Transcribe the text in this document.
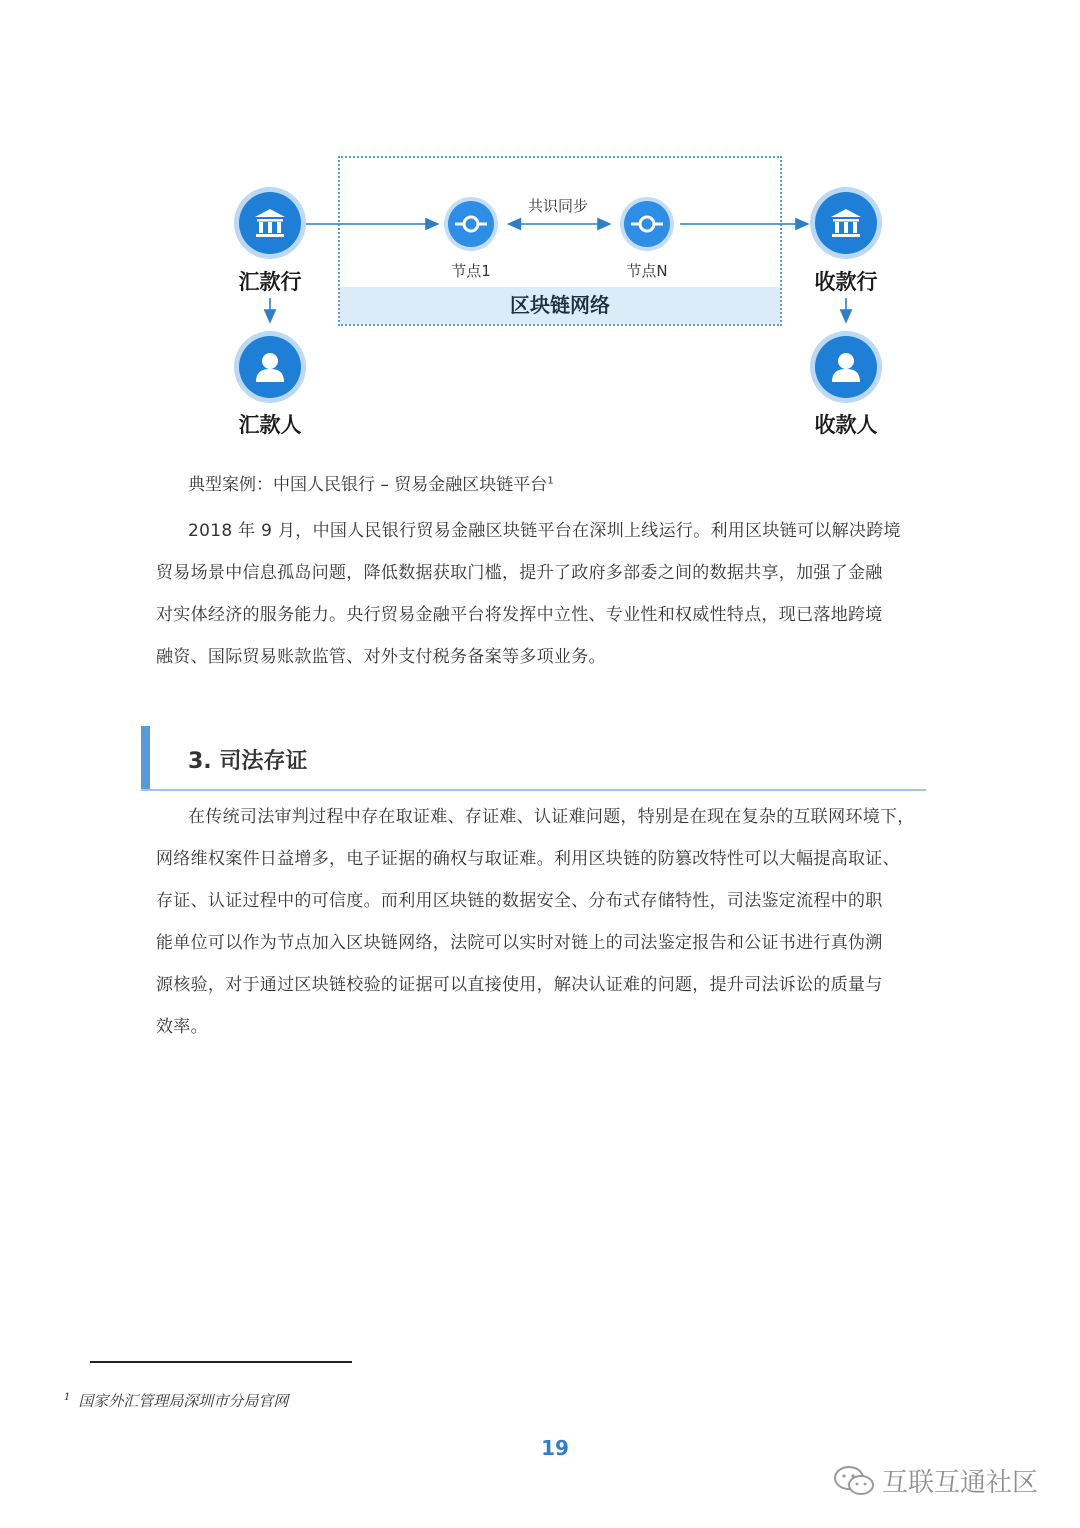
区块链网络
汇款行
汇款人
收款行
收款人
节点1	节点N
共识同步
典型案例：中国人民银行 – 贸易金融区块链平台$^1$
2018 年 9 月，中国人民银行贸易金融区块链平台在深圳上线运行。利用区块链可以解决跨境
贸易场景中信息孤岛问题，降低数据获取门槛，提升了政府多部委之间的数据共享，加强了金融
对实体经济的服务能力。央行贸易金融平台将发挥中立性、专业性和权威性特点，现已落地跨境
融资、国际贸易账款监管、对外支付税务备案等多项业务。
3. 司法存证
在传统司法审判过程中存在取证难、存证难、认证难问题，特别是在现在复杂的互联网环境下，
网络维权案件日益增多，电子证据的确权与取证难。利用区块链的防篡改特性可以大幅提高取证、
存证、认证过程中的可信度。而利用区块链的数据安全、分布式存储特性，司法鉴定流程中的职
能单位可以作为节点加入区块链网络，法院可以实时对链上的司法鉴定报告和公证书进行真伪溯
源核验，对于通过区块链校验的证据可以直接使用，解决认证难的问题，提升司法诉讼的质量与
效率。
$^1$ 国家外汇管理局深圳市分局官网
19
互联互通社区
